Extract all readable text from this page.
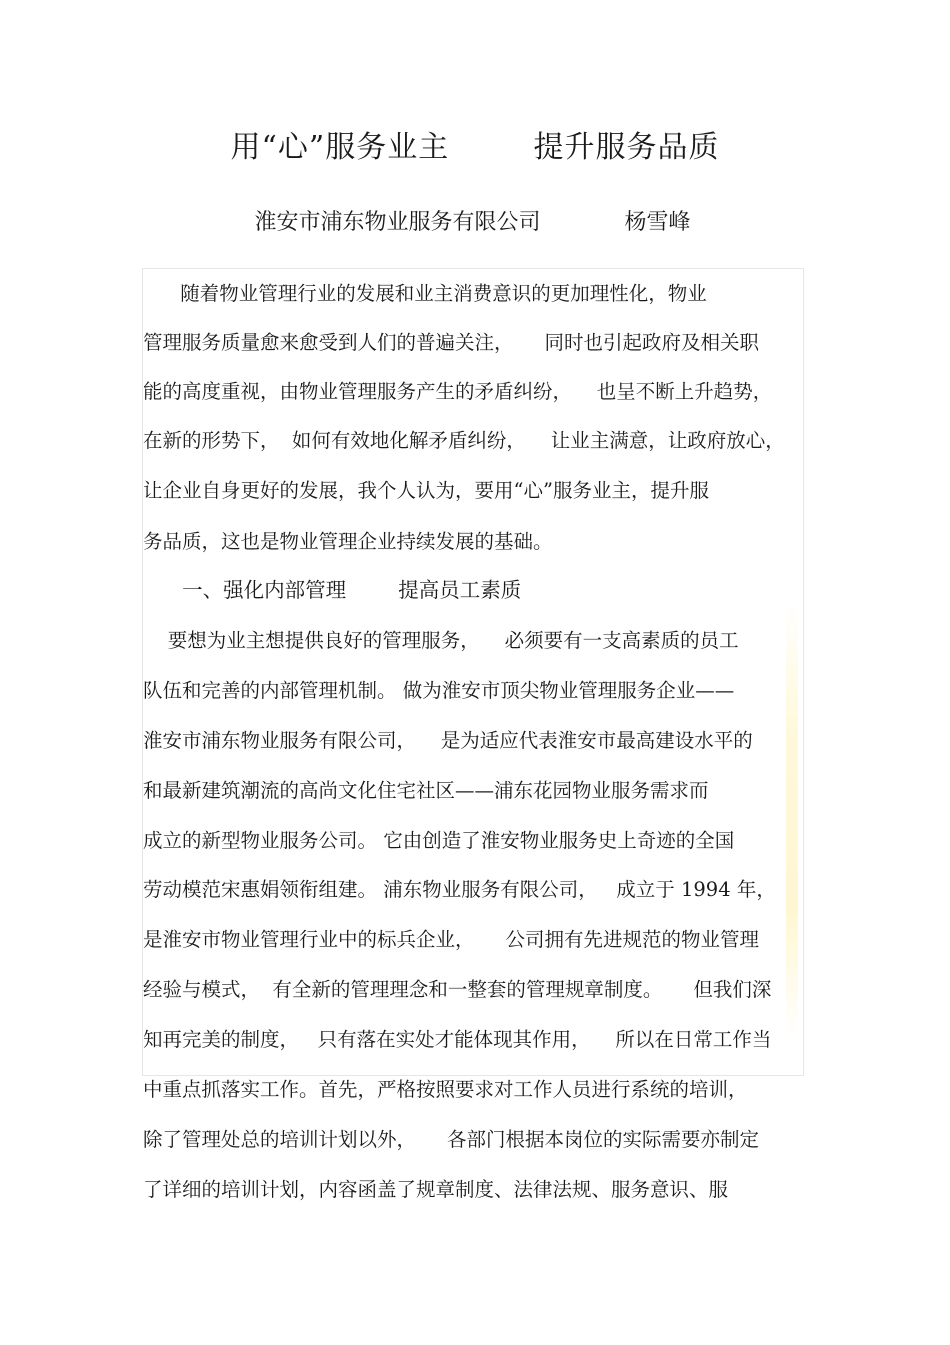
用“心”服务业主        提升服务品质
淮安市浦东物业服务有限公司            杨雪峰
随着物业管理行业的发展和业主消费意识的更加理性化，物业
管理服务质量愈来愈受到人们的普遍关注，     同时也引起政府及相关职
能的高度重视，由物业管理服务产生的矛盾纠纷，    也呈不断上升趋势，
在新的形势下，  如何有效地化解矛盾纠纷，    让业主满意，让政府放心，
让企业自身更好的发展，我个人认为，要用“心”服务业主，提升服
务品质，这也是物业管理企业持续发展的基础。
一、强化内部管理        提高员工素质
要想为业主想提供良好的管理服务，    必须要有一支高素质的员工
队伍和完善的内部管理机制。 做为淮安市顶尖物业管理服务企业——
淮安市浦东物业服务有限公司，    是为适应代表淮安市最高建设水平的
和最新建筑潮流的高尚文化住宅社区——浦东花园物业服务需求而
成立的新型物业服务公司。 它由创造了淮安物业服务史上奇迹的全国
劳动模范宋惠娟领衔组建。 浦东物业服务有限公司，   成立于 1994 年，
是淮安市物业管理行业中的标兵企业，     公司拥有先进规范的物业管理
经验与模式，  有全新的管理理念和一整套的管理规章制度。     但我们深
知再完美的制度，   只有落在实处才能体现其作用，    所以在日常工作当
中重点抓落实工作。首先，严格按照要求对工作人员进行系统的培训，
除了管理处总的培训计划以外，     各部门根据本岗位的实际需要亦制定
了详细的培训计划，内容函盖了规章制度、法律法规、服务意识、服
